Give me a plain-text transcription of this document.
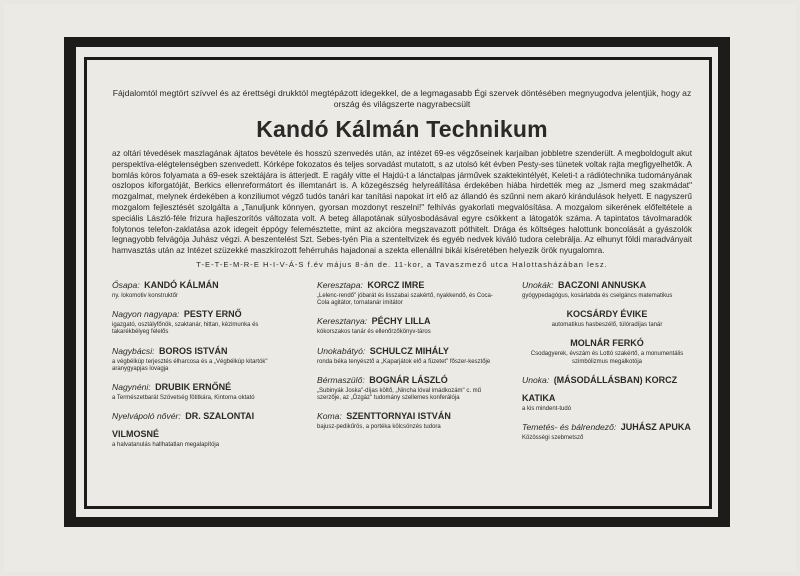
Fájdalomtól megtört szívvel és az érettségi drukktól megtépázott idegekkel, de a legmagasabb Égi szervek döntésében megnyugodva jelentjük, hogy az ország és világszerte nagyrabecsült

Kandó Kálmán Technikum

az oltári tévedések maszlagának ájtatos bevétele és hosszú szenvedés után, az intézet 69-es végzőseinek karjaiban jobbletre szenderült. A megboldogult akut perspektíva-elégtelenségben szenvedett. Kórképe fokozatos és teljes sorvadást mutatott, s az utolsó két évben Pesty-ses tünetek voltak rajta megfigyelhetők. A bomlás kóros folyamata a 69-esek szektájára is átterjedt. E ragály vitte el Hajdú-t a lánctalpas járművek szaktekintélyét, Keleti-t a rádiótechnika tudományának oszlopos kiforgatóját, Berkics ellenreformátort és illemtanárt is. A közegészség helyreállítása érdekében hiába hirdették meg az „Ismerd meg szakmádat" mozgalmat, melynek érdekében a konziliumot végző tudós tanári kar tanítási napokat írt elő az állandó és szűnni nem akaró kirándulások helyett. E nagyszerű mozgalom fejlesztését szolgálta a „Tanuljunk könnyen, gyorsan mozdonyt reszelni!" felhívás gyakorlati megvalósítása. A mozgalom sikerének előfeltétele a speciális László-féle frizura hajleszorítós változata volt. A beteg állapotának súlyosbodásával egyre csökkent a látogatók száma. A tapintatos távolmaradók folytonos telefon-zaklatása azok idegeit éppógy felemésztette, mint az akcióra megszavazott póthitelt. Drága és költséges halottunk boncolását a gyászolók legnagyobb felvágója Juhász végzi. A beszentelést Szt. Sebes-tyén Pia a szenteltvizek és egyéb nedvek kiváló tudora celebrálja. Az elhunyt földi maradványait hamvasztás után az Intézet szüzekké maszkírozott fehérruhás hajadonai a szekta ellenállni bikái kíséretében helyezik örök nyugalomra.

T-E-T-E-M-R-E H-I-V-Á-S f.év május 8-án de. 11-kor, a Tavaszmező utca Halottasházában lesz.

Ősapa: KANDÓ KÁLMÁN
ny. lokomotiv konstruktőr
Nagyon nagyapa: PESTY ERNŐ
igazgató, osztályfőnök, szaktanár, hittan, kézimunka és takarékbélyeg felelős
Nagybácsi: BOROS ISTVÁN
a végbélkúp terjesztés élharcosa és a „Végbélkúp kitartók" aranygyapjas lovagja
Nagynéni: DRUBIK ERNŐNÉ
a Természetbarát Szövetség fötitkára, Kintorna oktató
Nyelvápoló nővér: DR. SZALONTAI VILMOSNÉ
a halvatanulás hallhatatlan megalapítója
Keresztapa: KORCZ IMRE
„Lelenc-rendő" jóbarát és lisszabai szakértő, nyakkendő, és Coca-Cola agitátor, tornatanár imitátor
Keresztanya: PÉCHY LILLA
kókorszakos tanár és ellenőrzőkönyv-táros
Unokabátyó: SCHULCZ MIHÁLY
ronda béka tenyésztő a „Kaparjátok elő a füzetet" főszer-kesztője
Bérmaszülő: BOGNÁR LÁSZLÓ
„Subinyák Joska"-díjas költő, „Nincha lóval imádkozám" c. mű szerzője, az „Ózgáz" tudomány szellemes konferálója
Koma: SZENTTORNYAI ISTVÁN
bajusz-pedikűrös, a portéka kölcsönzés tudora
Unokák: BACZONI ANNUSKA
gyógypedagógus, kosárlabda és cselgáncs matematikus
KOCSÁRDY ÉVIKE
automatikus hasbeszélő, túlóradíjas tanár
MOLNÁR FERKÓ
Csodagyerek, évszám és Lottó szakértő, a monumentális szimbólizmus megalkotója
Unoka: (MÁSODÁLLÁSBAN) KORCZ KATIKA
a kis mindent-tudó
Temetés- és bálrendező: JUHÁSZ APUKA
Közösségi szebmetsző
